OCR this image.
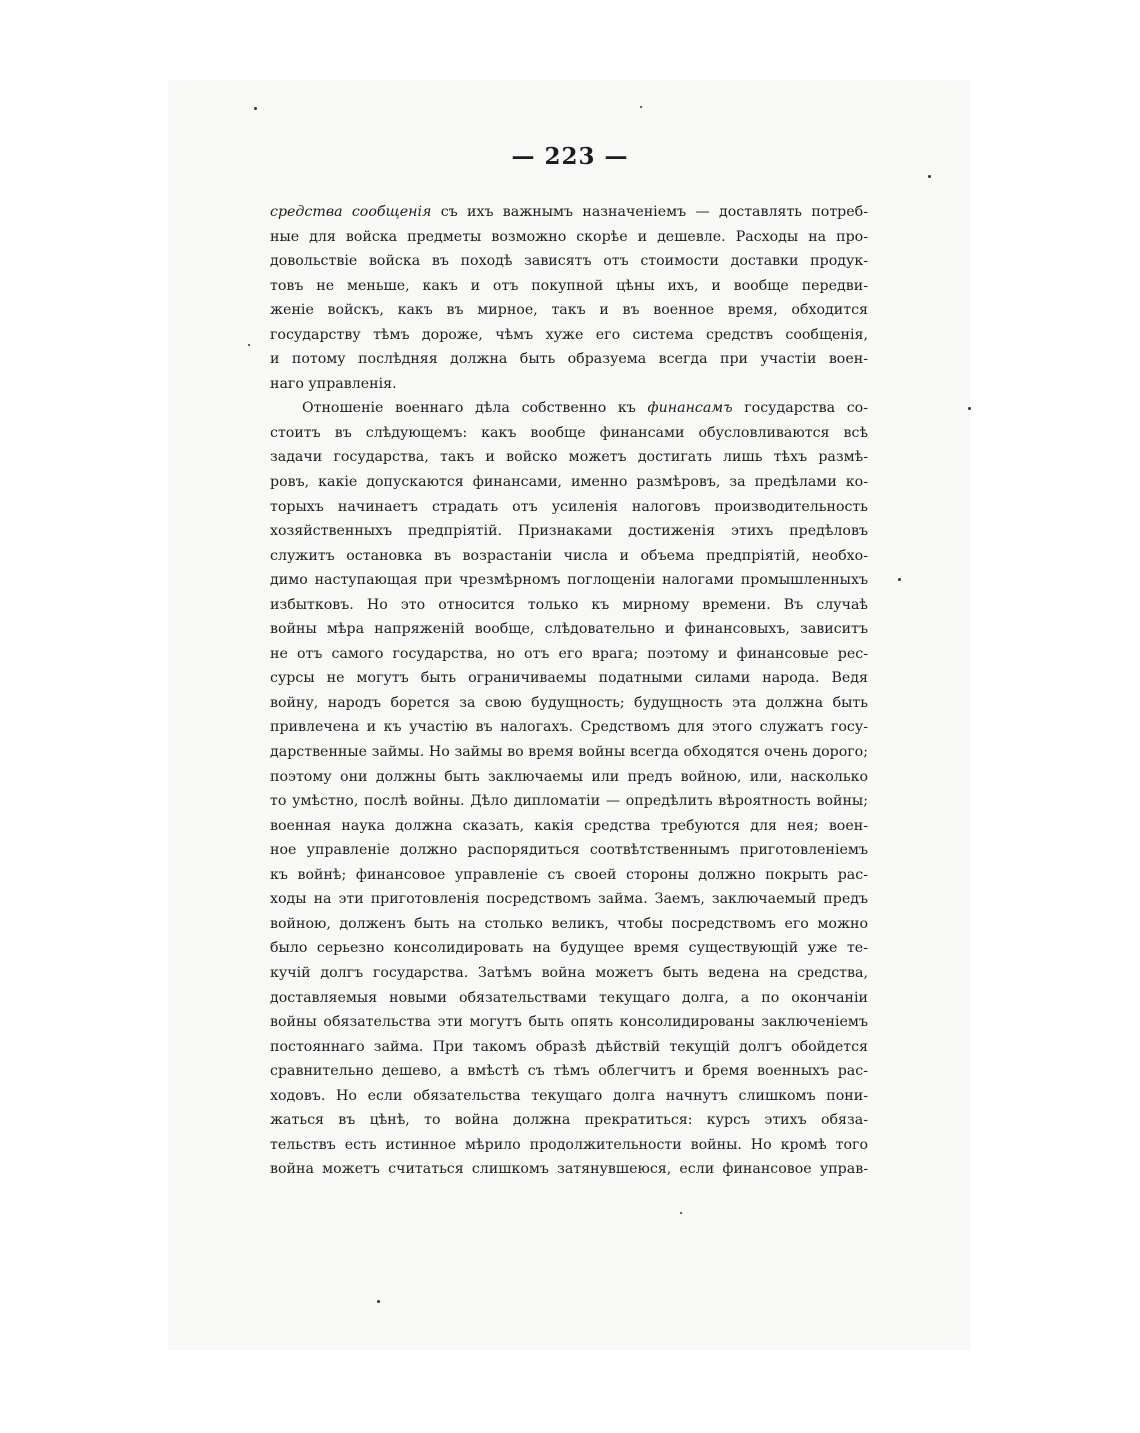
— 223 —
средства сообщенія съ ихъ важнымъ назначеніемъ — доставлять потреб-
ные для войска предметы возможно скорѣе и дешевле. Расходы на про-
довольствіе войска въ походѣ зависятъ отъ стоимости доставки продук-
товъ не меньше, какъ и отъ покупной цѣны ихъ, и вообще передви-
женіе войскъ, какъ въ мирное, такъ и въ военное время, обходится
государству тѣмъ дороже, чѣмъ хуже его система средствъ сообщенія,
и потому послѣдняя должна быть образуема всегда при участіи воен-
наго управленія.
Отношеніе военнаго дѣла собственно къ финансамъ государства со-
стоитъ въ слѣдующемъ: какъ вообще финансами обусловливаются всѣ
задачи государства, такъ и войско можетъ достигать лишь тѣхъ размѣ-
ровъ, какіе допускаются финансами, именно размѣровъ, за предѣлами ко-
торыхъ начинаетъ страдать отъ усиленія налоговъ производительность
хозяйственныхъ предпріятій. Признаками достиженія этихъ предѣловъ
служитъ остановка въ возрастаніи числа и объема предпріятій, необхо-
димо наступающая при чрезмѣрномъ поглощеніи налогами промышленныхъ
избытковъ. Но это относится только къ мирному времени. Въ случаѣ
войны мѣра напряженій вообще, слѣдовательно и финансовыхъ, зависитъ
не отъ самого государства, но отъ его врага; поэтому и финансовые рес-
сурсы не могутъ быть ограничиваемы податными силами народа. Ведя
войну, народъ борется за свою будущность; будущность эта должна быть
привлечена и къ участію въ налогахъ. Средствомъ для этого служатъ госу-
дарственные займы. Но займы во время войны всегда обходятся очень дорого;
поэтому они должны быть заключаемы или предъ войною, или, насколько
то умѣстно, послѣ войны. Дѣло дипломатіи — опредѣлить вѣроятность войны;
военная наука должна сказать, какія средства требуются для нея; воен-
ное управленіе должно распорядиться соотвѣтственнымъ приготовленіемъ
къ войнѣ; финансовое управленіе съ своей стороны должно покрыть рас-
ходы на эти приготовленія посредствомъ займа. Заемъ, заключаемый предъ
войною, долженъ быть на столько великъ, чтобы посредствомъ его можно
было серьезно консолидировать на будущее время существующій уже те-
кучій долгъ государства. Затѣмъ война можетъ быть ведена на средства,
доставляемыя новыми обязательствами текущаго долга, а по окончаніи
войны обязательства эти могутъ быть опять консолидированы заключеніемъ
постояннаго займа. При такомъ образѣ дѣйствій текущій долгъ обойдется
сравнительно дешево, а вмѣстѣ съ тѣмъ облегчитъ и бремя военныхъ рас-
ходовъ. Но если обязательства текущаго долга начнутъ слишкомъ пони-
жаться въ цѣнѣ, то война должна прекратиться: курсъ этихъ обяза-
тельствъ есть истинное мѣрило продолжительности войны. Но кромѣ того
война можетъ считаться слишкомъ затянувшеюся, если финансовое управ-
